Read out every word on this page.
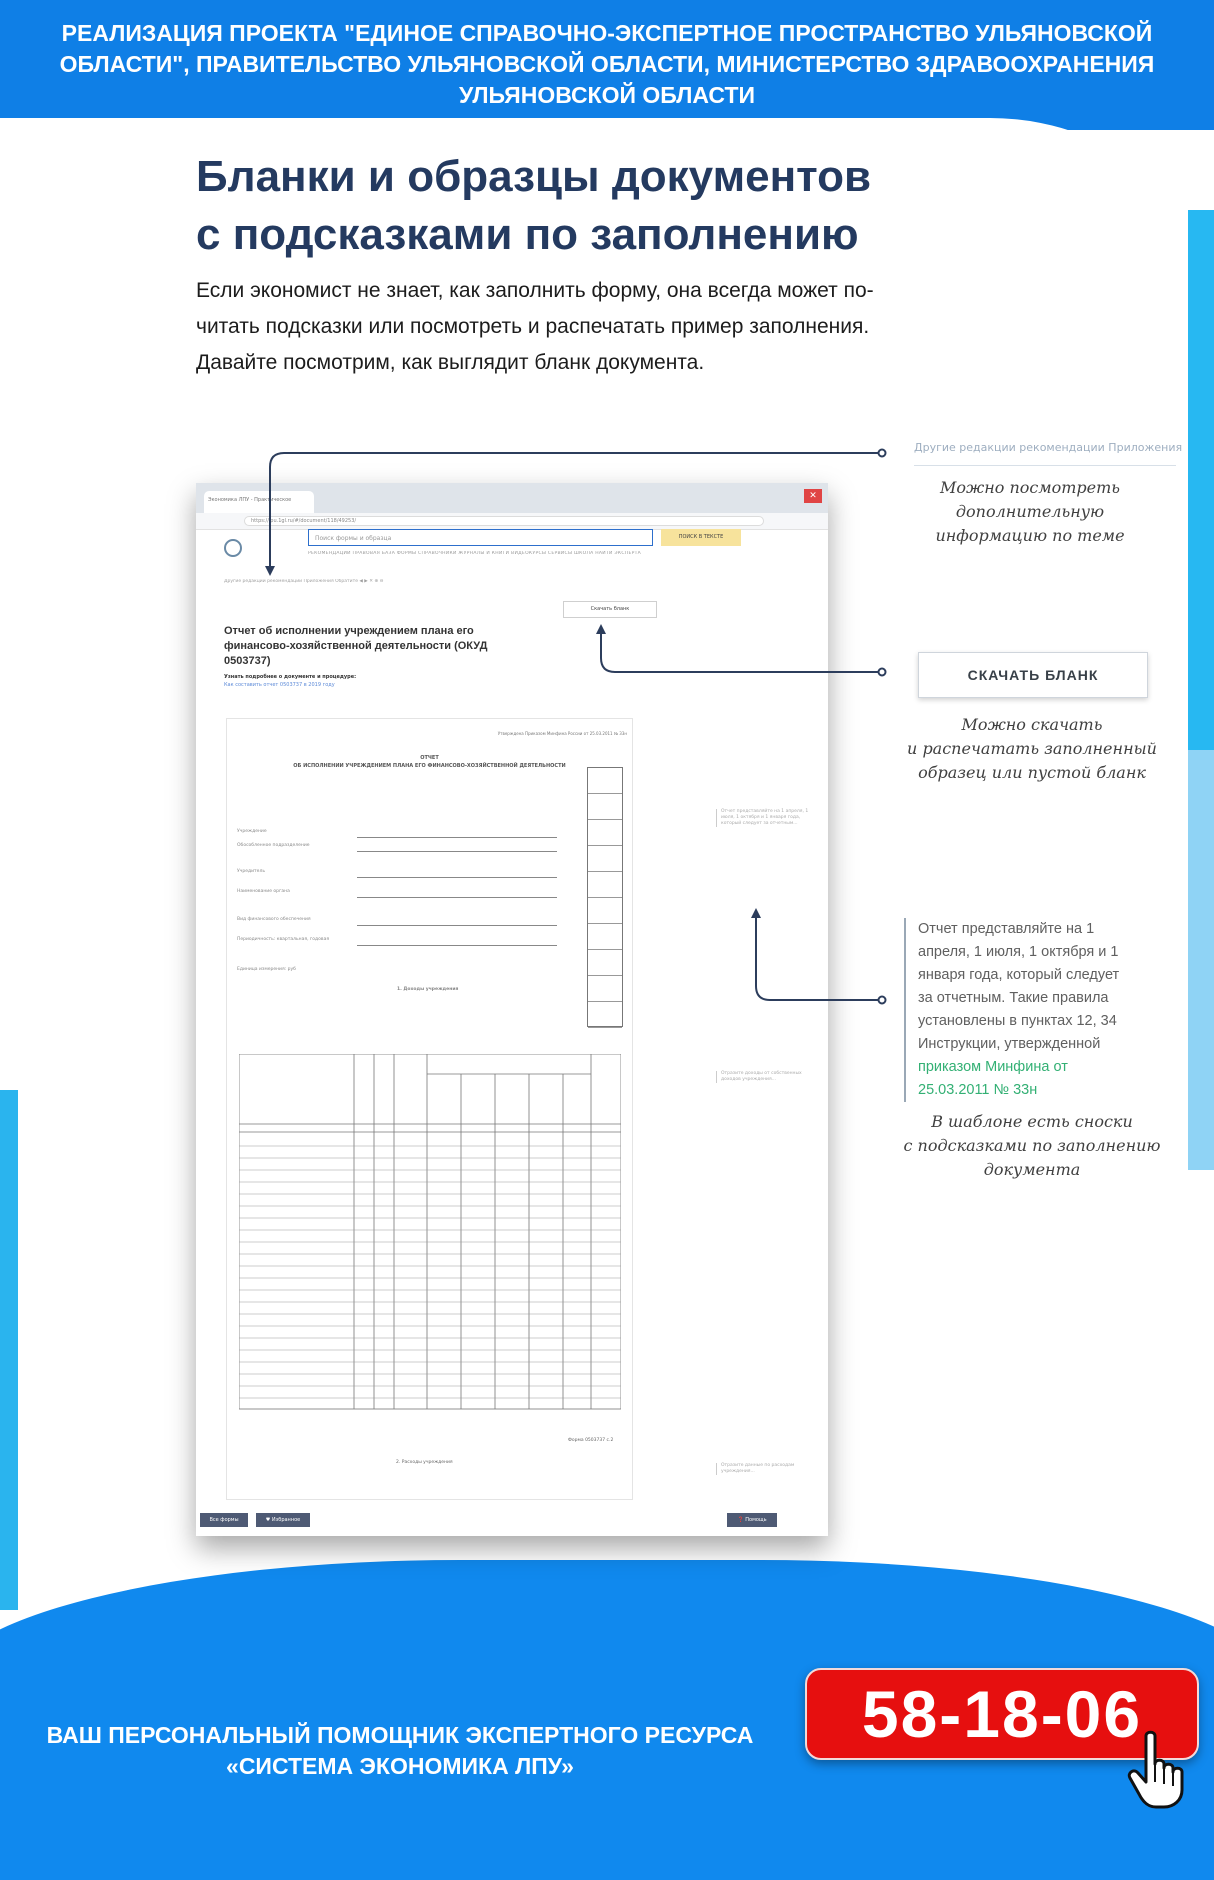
РЕАЛИЗАЦИЯ ПРОЕКТА "ЕДИНОЕ СПРАВОЧНО-ЭКСПЕРТНОЕ ПРОСТРАНСТВО УЛЬЯНОВСКОЙ
ОБЛАСТИ", ПРАВИТЕЛЬСТВО УЛЬЯНОВСКОЙ ОБЛАСТИ, МИНИСТЕРСТВО ЗДРАВООХРАНЕНИЯ
УЛЬЯНОВСКОЙ ОБЛАСТИ
Бланки и образцы документов
с подсказками по заполнению
Если экономист не знает, как заполнить форму, она всегда может по-
читать подсказки или посмотреть и распечатать пример заполнения.
Давайте посмотрим, как выглядит бланк документа.
Экономика ЛПУ - Практическое	✕
https://lpu.1gl.ru/#/document/118/49253/
Поиск формы и образца	ПОИСК В ТЕКСТЕ
РЕКОМЕНДАЦИИ ПРАВОВАЯ БАЗА ФОРМЫ СПРАВОЧНИКИ ЖУРНАЛЫ И КНИГИ ВИДЕОКУРСЫ СЕРВИСЫ ШКОЛА НАЙТИ ЭКСПЕРТА
Другие редакции рекомендации Приложения Обратите ◀ ▶ ✕ ⊕ ⊖
Скачать бланк
Отчет об исполнении учреждением плана его финансово-хозяйственной деятельности (ОКУД 0503737)
Узнать подробнее о документе и процедуре:
Как составить отчет 0503737 в 2019 году
Утверждена Приказом Минфина России от 25.03.2011 № 33н
ОТЧЕТ
ОБ ИСПОЛНЕНИИ УЧРЕЖДЕНИЕМ ПЛАНА ЕГО ФИНАНСОВО-ХОЗЯЙСТВЕННОЙ ДЕЯТЕЛЬНОСТИ
Учреждение
Обособленное подразделение
Учредитель
Наименование органа
Вид финансового обеспечения
Периодичность: квартальная, годовая
Единица измерения: руб
1. Доходы учреждения
Отчет представляйте на 1 апреля, 1 июля, 1 октября и 1 января года, который следует за отчетным...
Отразите доходы от собственных доходов учреждения...
Отразите данные по расходам учреждения...
Форма 0503737 с.2
2. Расходы учреждения
Все формы	♥ Избранное	❓ Помощь
Другие редакции рекомендации Приложения
Можно посмотреть
дополнительную
информацию по теме
СКАЧАТЬ БЛАНК
Можно скачать
и распечатать заполненный
образец или пустой бланк
Отчет представляйте на 1
апреля, 1 июля, 1 октября и 1
января года, который следует
за отчетным. Такие правила
установлены в пунктах 12, 34
Инструкции, утвержденной
приказом Минфина от
25.03.2011 № 33н
В шаблоне есть сноски
с подсказками по заполнению
документа
ВАШ ПЕРСОНАЛЬНЫЙ ПОМОЩНИК ЭКСПЕРТНОГО РЕСУРСА
«СИСТЕМА ЭКОНОМИКА ЛПУ»
58-18-06
